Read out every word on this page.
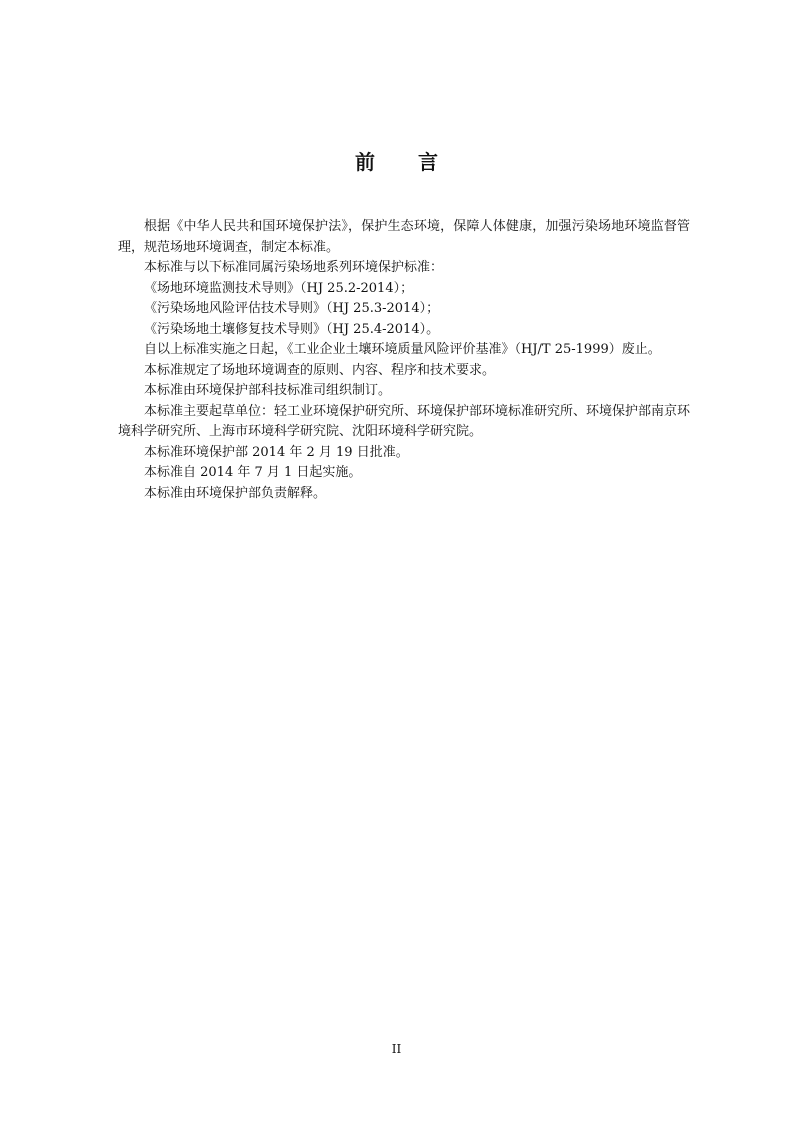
前 言

根据《中华人民共和国环境保护法》，保护生态环境，保障人体健康，加强污染场地环境监督管理，规范场地环境调查，制定本标准。

本标准与以下标准同属污染场地系列环境保护标准：

《场地环境监测技术导则》（HJ 25.2-2014）；

《污染场地风险评估技术导则》（HJ 25.3-2014）；

《污染场地土壤修复技术导则》（HJ 25.4-2014）。

自以上标准实施之日起，《工业企业土壤环境质量风险评价基准》（HJ/T 25-1999）废止。

本标准规定了场地环境调查的原则、内容、程序和技术要求。

本标准由环境保护部科技标准司组织制订。

本标准主要起草单位：轻工业环境保护研究所、环境保护部环境标准研究所、环境保护部南京环境科学研究所、上海市环境科学研究院、沈阳环境科学研究院。

本标准环境保护部 2014 年 2 月 19 日批准。

本标准自 2014 年 7 月 1 日起实施。

本标准由环境保护部负责解释。

II
